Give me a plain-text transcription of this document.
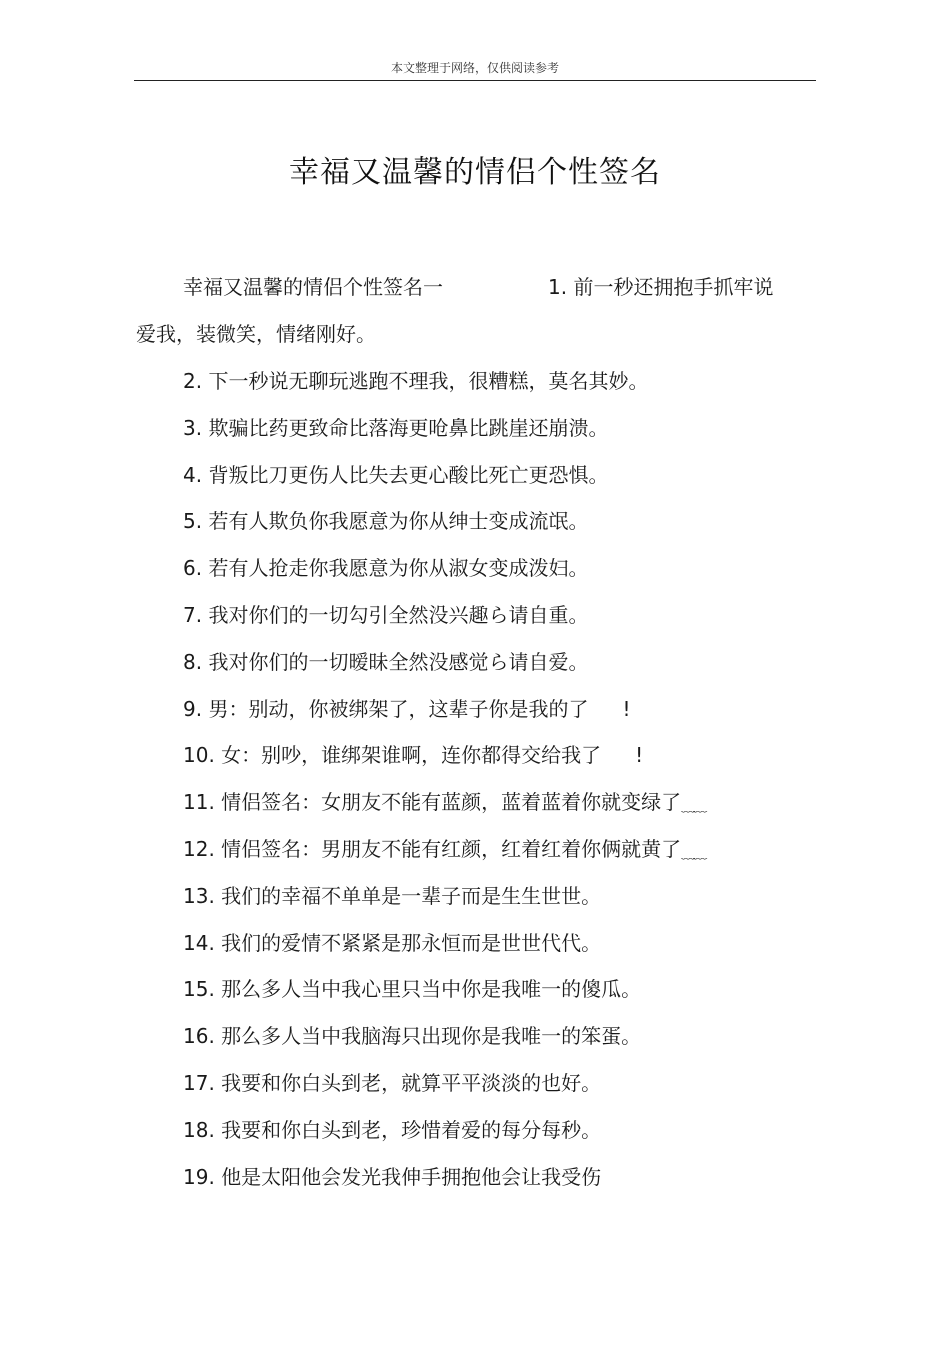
本文整理于网络，仅供阅读参考
幸福又温馨的情侣个性签名
幸福又温馨的情侣个性签名一	1. 前一秒还拥抱手抓牢说
爱我，装微笑，情绪刚好。
2. 下一秒说无聊玩逃跑不理我，很糟糕，莫名其妙。
3. 欺骗比药更致命比落海更呛鼻比跳崖还崩溃。
4. 背叛比刀更伤人比失去更心酸比死亡更恐惧。
5. 若有人欺负你我愿意为你从绅士变成流氓。
6. 若有人抢走你我愿意为你从淑女变成泼妇。
7. 我对你们的一切勾引全然没兴趣ら请自重。
8. 我对你们的一切暧昧全然没感觉ら请自爱。
9. 男：别动，你被绑架了，这辈子你是我的了 !
10. 女：别吵，谁绑架谁啊，连你都得交给我了 !
11. 情侣签名：女朋友不能有蓝颜，蓝着蓝着你就变绿了﹏﹏
12. 情侣签名：男朋友不能有红颜，红着红着你俩就黄了﹏﹏
13. 我们的幸福不单单是一辈子而是生生世世。
14. 我们的爱情不紧紧是那永恒而是世世代代。
15. 那么多人当中我心里只当中你是我唯一的傻瓜。
16. 那么多人当中我脑海只出现你是我唯一的笨蛋。
17. 我要和你白头到老，就算平平淡淡的也好。
18. 我要和你白头到老，珍惜着爱的每分每秒。
19. 他是太阳他会发光我伸手拥抱他会让我受伤
